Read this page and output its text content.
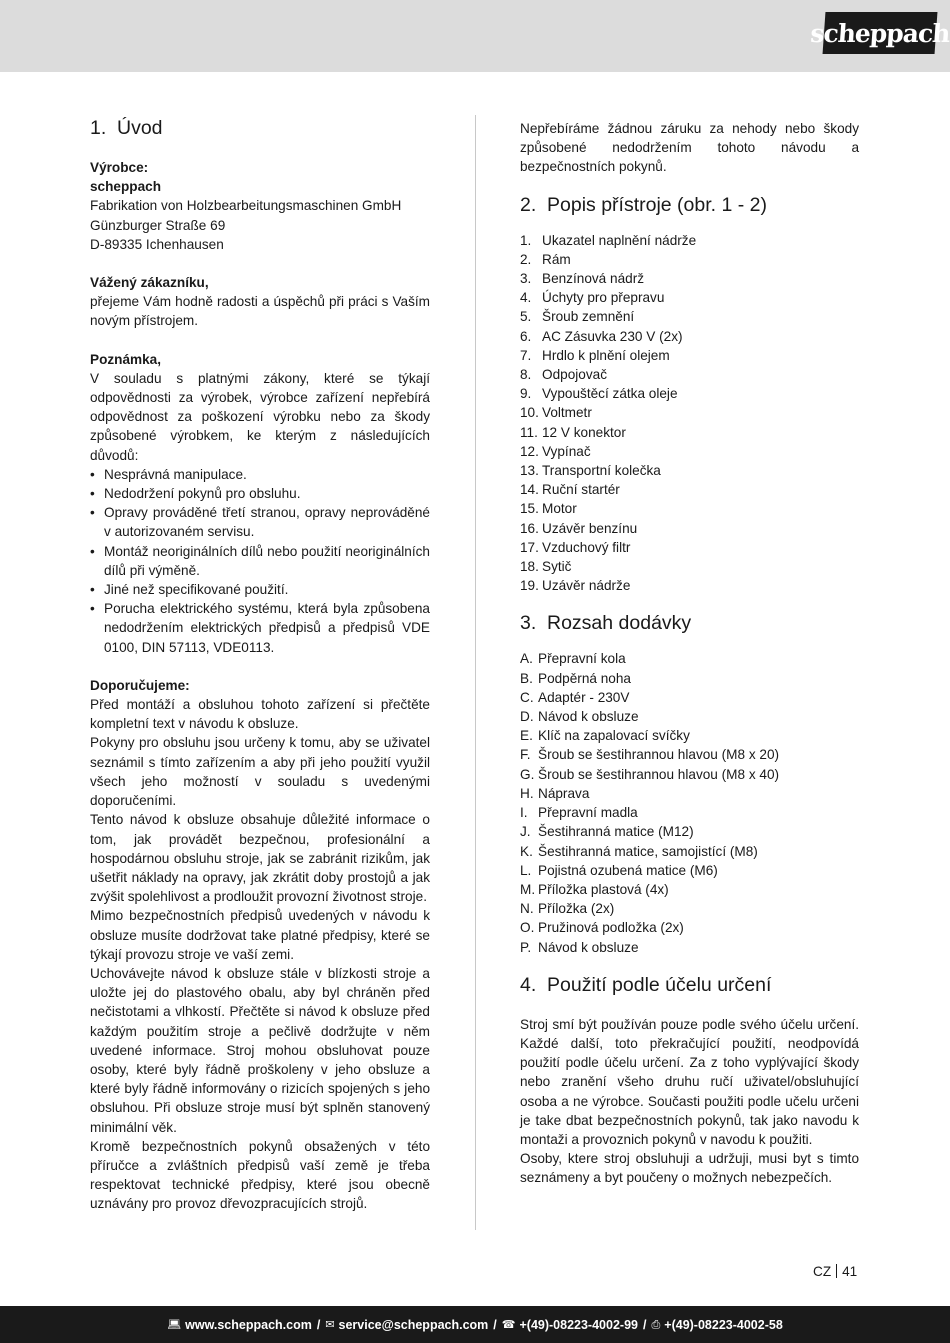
scheppach
1. Úvod

Výrobce:

scheppach

Fabrikation von Holzbearbeitungsmaschinen GmbH

Günzburger Straße 69

D-89335 Ichenhausen

Vážený zákazníku,

přejeme Vám hodně radosti a úspěchů při práci s Vaším novým přístrojem.

Poznámka,

V souladu s platnými zákony, které se týkají odpovědnosti za výrobek, výrobce zařízení nepřebírá odpovědnost za poškození výrobku nebo za škody způsobené výrobkem, ke kterým z následujících důvodů:

• Nesprávná manipulace.
• Nedodržení pokynů pro obsluhu.
• Opravy prováděné třetí stranou, opravy neprováděné v autorizovaném servisu.
• Montáž neoriginálních dílů nebo použití neoriginálních dílů při výměně.
• Jiné než specifikované použití.
• Porucha elektrického systému, která byla způsobena nedodržením elektrických předpisů a předpisů VDE 0100, DIN 57113, VDE0113.

Doporučujeme:

Před montáží a obsluhou tohoto zařízení si přečtěte kompletní text v návodu k obsluze.

Pokyny pro obsluhu jsou určeny k tomu, aby se uživatel seznámil s tímto zařízením a aby při jeho použití využil všech jeho možností v souladu s uvedenými doporučeními.

Tento návod k obsluze obsahuje důležité informace o tom, jak provádět bezpečnou, profesionální a hospodárnou obsluhu stroje, jak se zabránit rizikům, jak ušetřit náklady na opravy, jak zkrátit doby prostojů a jak zvýšit spolehlivost a prodloužit provozní životnost stroje.

Mimo bezpečnostních předpisů uvedených v návodu k obsluze musíte dodržovat take platné předpisy, které se týkají provozu stroje ve vaší zemi.

Uchovávejte návod k obsluze stále v blízkosti stroje a uložte jej do plastového obalu, aby byl chráněn před nečistotami a vlhkostí. Přečtěte si návod k obsluze před každým použitím stroje a pečlivě dodržujte v něm uvedené informace. Stroj mohou obsluhovat pouze osoby, které byly řádně proškoleny v jeho obsluze a které byly řádně informovány o rizicích spojených s jeho obsluhou. Při obsluze stroje musí být splněn stanovený minimální věk.

Kromě bezpečnostních pokynů obsažených v této příručce a zvláštních předpisů vaší země je třeba respektovat technické předpisy, které jsou obecně uznávány pro provoz dřevozpracujících strojů.

Nepřebíráme žádnou záruku za nehody nebo škody způsobené nedodržením tohoto návodu a bezpečnostních pokynů.

2. Popis přístroje (obr. 1 - 2)
1. Ukazatel naplnění nádrže
2. Rám
3. Benzínová nádrž
4. Úchyty pro přepravu
5. Šroub zemnění
6. AC Zásuvka 230 V (2x)
7. Hrdlo k plnění olejem
8. Odpojovač
9. Vypouštěcí zátka oleje
10. Voltmetr
11. 12 V konektor
12. Vypínač
13. Transportní kolečka
14. Ruční startér
15. Motor
16. Uzávěr benzínu
17. Vzduchový filtr
18. Sytič
19. Uzávěr nádrže
3. Rozsah dodávky
A. Přepravní kola
B. Podpěrná noha
C. Adaptér - 230V
D. Návod k obsluze
E. Klíč na zapalovací svíčky
F. Šroub se šestihrannou hlavou (M8 x 20)
G. Šroub se šestihrannou hlavou (M8 x 40)
H. Náprava
I. Přepravní madla
J. Šestihranná matice (M12)
K. Šestihranná matice, samojistící (M8)
L. Pojistná ozubená matice (M6)
M. Příložka plastová (4x)
N. Příložka (2x)
O. Pružinová podložka (2x)
P. Návod k obsluze
4. Použití podle účelu určení

Stroj smí být používán pouze podle svého účelu určení. Každé další, toto překračující použití, neodpovídá použití podle účelu určení. Za z toho vyplývající škody nebo zranění všeho druhu ručí uživatel/obsluhující osoba a ne výrobce. Současti použiti podle učelu určeni je take dbat bezpečnostních pokynů, tak jako navodu k montaži a provoznich pokynů v navodu k použiti.

Osoby, ktere stroj obsluhuji a udržuji, musi byt s timto seznámeny a byt poučeny o možnych nebezpečích.

CZ 41
💻︎ www.scheppach.com / ✉ service@scheppach.com / ☎ +(49)-08223-4002-99 / ⎙ +(49)-08223-4002-58
